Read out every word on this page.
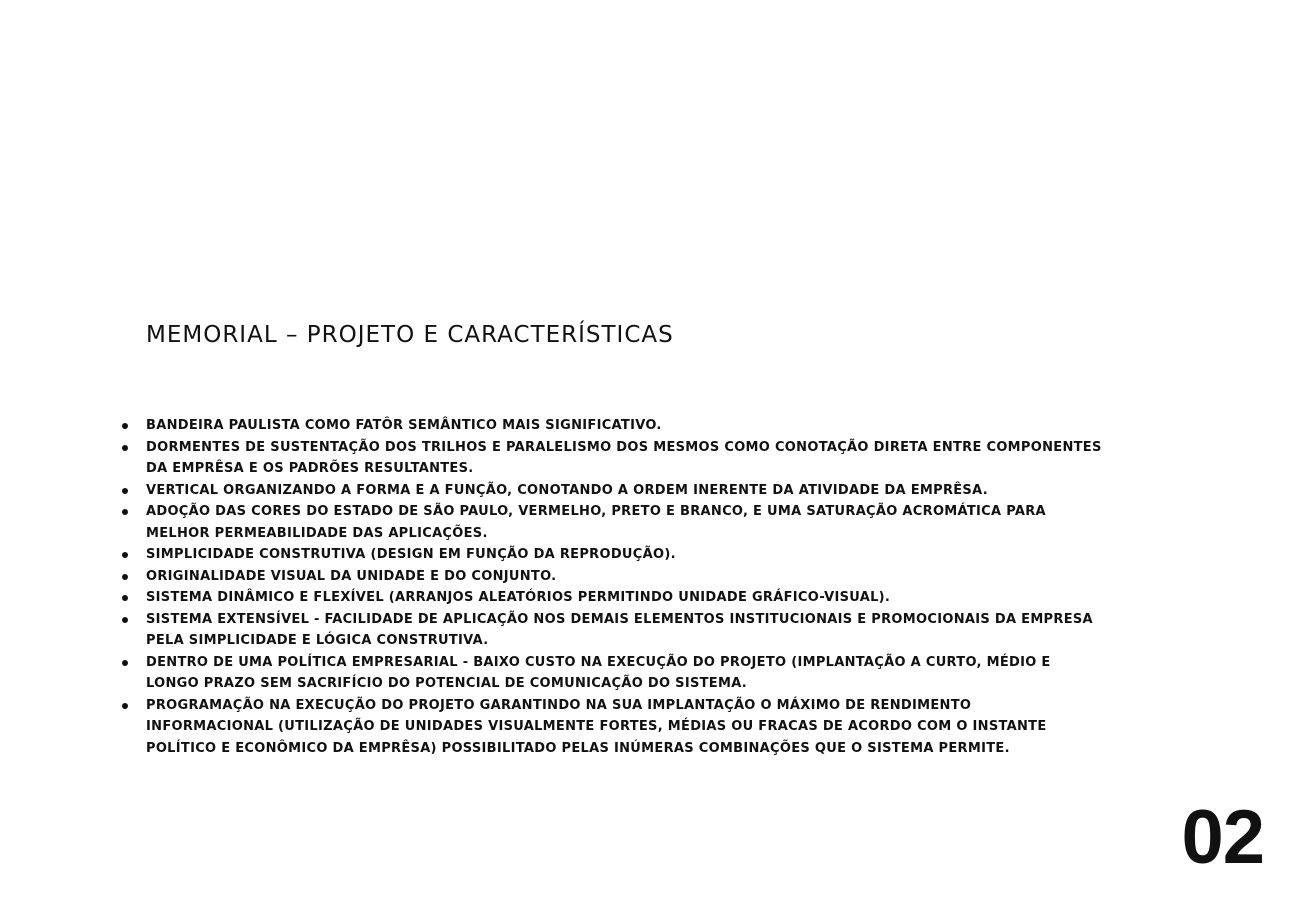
MEMORIAL – PROJETO E CARACTERÍSTICAS
BANDEIRA PAULISTA COMO FATÔR SEMÂNTICO MAIS SIGNIFICATIVO.
DORMENTES DE SUSTENTAÇÃO DOS TRILHOS E PARALELISMO DOS MESMOS COMO CONOTAÇÃO DIRETA ENTRE COMPONENTES DA EMPRÊSA E OS PADRÕES RESULTANTES.
VERTICAL ORGANIZANDO A FORMA E A FUNÇÃO, CONOTANDO A ORDEM INERENTE DA ATIVIDADE DA EMPRÊSA.
ADOÇÃO DAS CORES DO ESTADO DE SÃO PAULO, VERMELHO, PRETO E BRANCO, E UMA SATURAÇÃO ACROMÁTICA PARA MELHOR PERMEABILIDADE DAS APLICAÇÕES.
SIMPLICIDADE CONSTRUTIVA (DESIGN EM FUNÇÃO DA REPRODUÇÃO).
ORIGINALIDADE VISUAL DA UNIDADE E DO CONJUNTO.
SISTEMA DINÂMICO E FLEXÍVEL (ARRANJOS ALEATÓRIOS PERMITINDO UNIDADE GRÁFICO-VISUAL).
SISTEMA EXTENSÍVEL - FACILIDADE DE APLICAÇÃO NOS DEMAIS ELEMENTOS INSTITUCIONAIS E PROMOCIONAIS DA EMPRESA PELA SIMPLICIDADE E LÓGICA CONSTRUTIVA.
DENTRO DE UMA POLÍTICA EMPRESARIAL - BAIXO CUSTO NA EXECUÇÃO DO PROJETO (IMPLANTAÇÃO A CURTO, MÉDIO E LONGO PRAZO SEM SACRIFÍCIO DO POTENCIAL DE COMUNICAÇÃO DO SISTEMA.
PROGRAMAÇÃO NA EXECUÇÃO DO PROJETO GARANTINDO NA SUA IMPLANTAÇÃO O MÁXIMO DE RENDIMENTO INFORMACIONAL (UTILIZAÇÃO DE UNIDADES VISUALMENTE FORTES, MÉDIAS OU FRACAS DE ACORDO COM O INSTANTE POLÍTICO E ECONÔMICO DA EMPRÊSA) POSSIBILITADO PELAS INÚMERAS COMBINAÇÕES QUE O SISTEMA PERMITE.
02
